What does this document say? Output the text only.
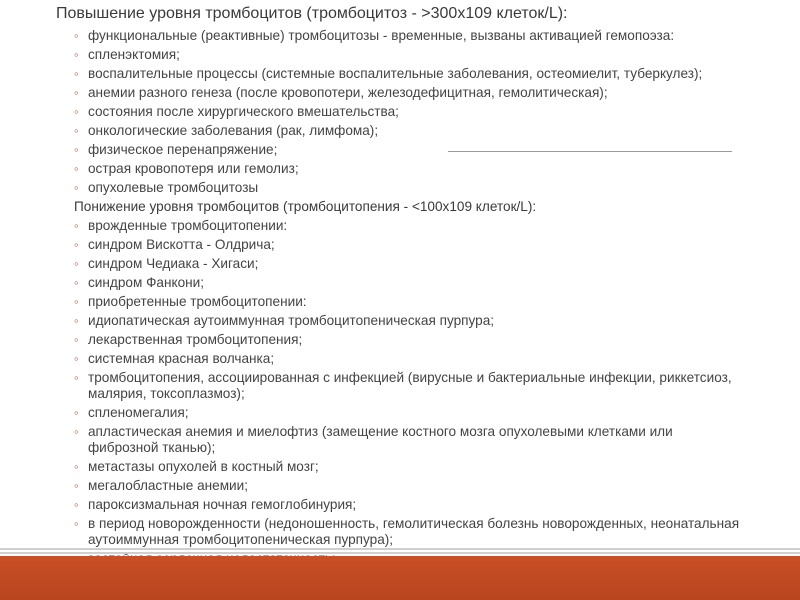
Повышение уровня тромбоцитов (тромбоцитоз - >300х109 клеток/L):
◦ функциональные (реактивные) тромбоцитозы - временные, вызваны активацией гемопоэза:
◦ спленэктомия;
◦ воспалительные процессы (системные воспалительные заболевания, остеомиелит, туберкулез);
◦ анемии разного генеза (после кровопотери, железодефицитная, гемолитическая);
◦ состояния после хирургического вмешательства;
◦ онкологические заболевания (рак, лимфома);
◦ физическое перенапряжение;
◦ острая кровопотеря или гемолиз;
◦ опухолевые тромбоцитозы
Понижение уровня тромбоцитов (тромбоцитопения - <100х109 клеток/L):
◦ врожденные тромбоцитопении:
◦ синдром Вискотта - Олдрича;
◦ синдром Чедиака - Хигаси;
◦ синдром Фанкони;
◦ приобретенные тромбоцитопении:
◦ идиопатическая аутоиммунная тромбоцитопеническая пурпура;
◦ лекарственная тромбоцитопения;
◦ системная красная волчанка;
◦ тромбоцитопения, ассоциированная с инфекцией (вирусные и бактериальные инфекции, риккетсиоз, малярия, токсоплазмоз);
◦ спленомегалия;
◦ апластическая анемия и миелофтиз (замещение костного мозга опухолевыми клетками или фиброзной тканью);
◦ метастазы опухолей в костный мозг;
◦ мегалобластные анемии;
◦ пароксизмальная ночная гемоглобинурия;
◦ в период новорожденности (недоношенность, гемолитическая болезнь новорожденных, неонатальная аутоиммунная тромбоцитопеническая пурпура);
◦
